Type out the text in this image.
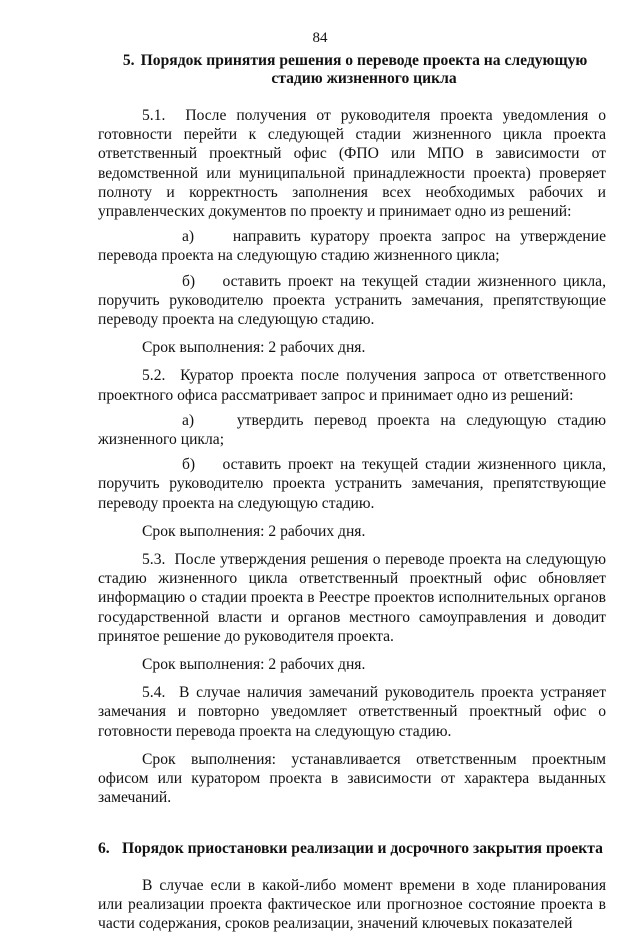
84

5. Порядок принятия решения о переводе проекта на следующую стадию жизненного цикла

5.1. После получения от руководителя проекта уведомления о готовности перейти к следующей стадии жизненного цикла проекта ответственный проектный офис (ФПО или МПО в зависимости от ведомственной или муниципальной принадлежности проекта) проверяет полноту и корректность заполнения всех необходимых рабочих и управленческих документов по проекту и принимает одно из решений:

а) направить куратору проекта запрос на утверждение перевода проекта на следующую стадию жизненного цикла;

б) оставить проект на текущей стадии жизненного цикла, поручить руководителю проекта устранить замечания, препятствующие переводу проекта на следующую стадию.

Срок выполнения: 2 рабочих дня.

5.2. Куратор проекта после получения запроса от ответственного проектного офиса рассматривает запрос и принимает одно из решений:

а)	утвердить перевод проекта на следующую стадию жизненного цикла;

б) оставить проект на текущей стадии жизненного цикла, поручить руководителю проекта устранить замечания, препятствующие переводу проекта на следующую стадию.

Срок выполнения: 2 рабочих дня.

5.3. После утверждения решения о переводе проекта на следующую стадию жизненного цикла ответственный проектный офис обновляет информацию о стадии проекта в Реестре проектов исполнительных органов государственной власти и органов местного самоуправления и доводит принятое решение до руководителя проекта.

Срок выполнения: 2 рабочих дня.

5.4. В случае наличия замечаний руководитель проекта устраняет замечания и повторно уведомляет ответственный проектный офис о готовности перевода проекта на следующую стадию.

Срок выполнения: устанавливается ответственным проектным офисом или куратором проекта в зависимости от характера выданных замечаний.

6. Порядок приостановки реализации и досрочного закрытия проекта

В случае если в какой-либо момент времени в ходе планирования или реализации проекта фактическое или прогнозное состояние проекта в части содержания, сроков реализации, значений ключевых показателей
